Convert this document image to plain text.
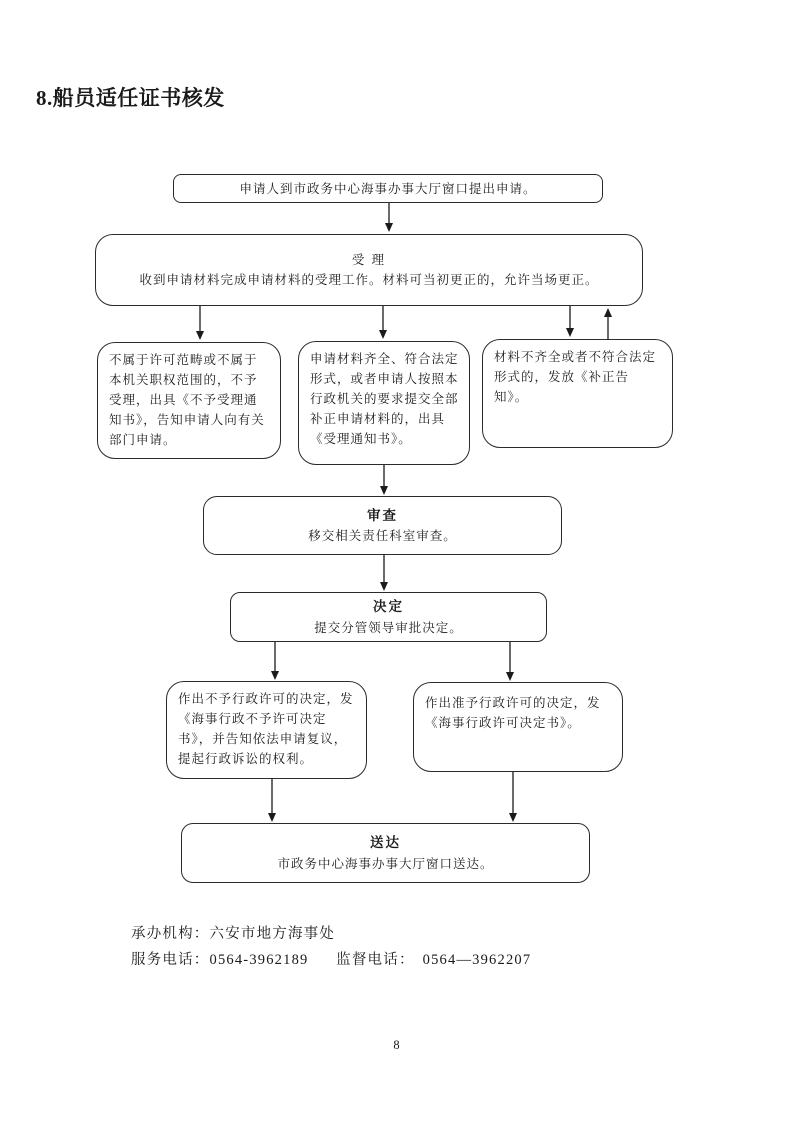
8.船员适任证书核发
申请人到市政务中心海事办事大厅窗口提出申请。
受 理
收到申请材料完成申请材料的受理工作。材料可当初更正的，允许当场更正。
不属于许可范畴或不属于本机关职权范围的，不予受理，出具《不予受理通知书》，告知申请人向有关部门申请。
申请材料齐全、符合法定形式，或者申请人按照本行政机关的要求提交全部补正申请材料的，出具《受理通知书》。
材料不齐全或者不符合法定形式的，发放《补正告知》。
审查
移交相关责任科室审查。
决定
提交分管领导审批决定。
作出不予行政许可的决定，发《海事行政不予许可决定书》，并告知依法申请复议，提起行政诉讼的权利。
作出准予行政许可的决定，发《海事行政许可决定书》。
送达
市政务中心海事办事大厅窗口送达。
承办机构：六安市地方海事处
服务电话：0564-3962189 监督电话： 0564—3962207
8
